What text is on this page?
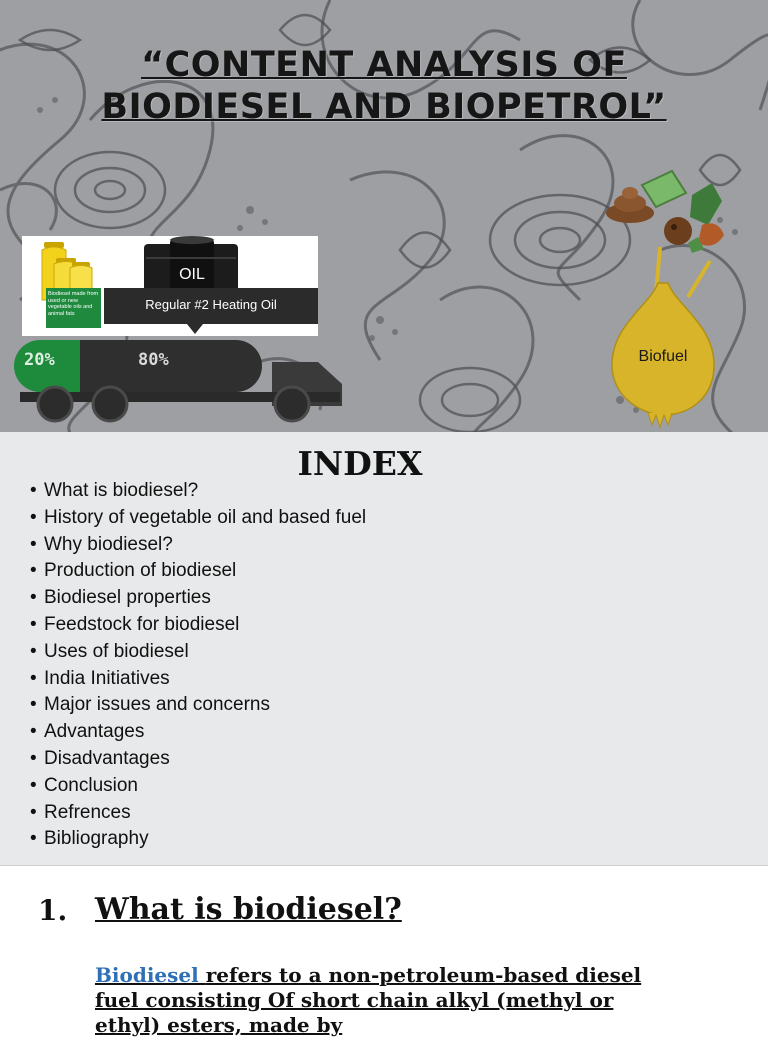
“CONTENT ANALYSIS OF BIODIESEL AND BIOPETROL”
Biodiesel made from used or new vegetable oils and animal fats
OIL
Regular #2 Heating Oil
20%	80%	Biofuel
INDEX
• What is biodiesel?
• History of vegetable oil and based fuel
• Why biodiesel?
• Production of biodiesel
• Biodiesel properties
• Feedstock for biodiesel
• Uses of biodiesel
• India Initiatives
• Major issues and concerns
• Advantages
• Disadvantages
• Conclusion
• Refrences
• Bibliography
1. What is biodiesel?

Biodiesel refers to a non-petroleum-based diesel fuel consisting Of short chain alkyl (methyl or ethyl) esters, made by
